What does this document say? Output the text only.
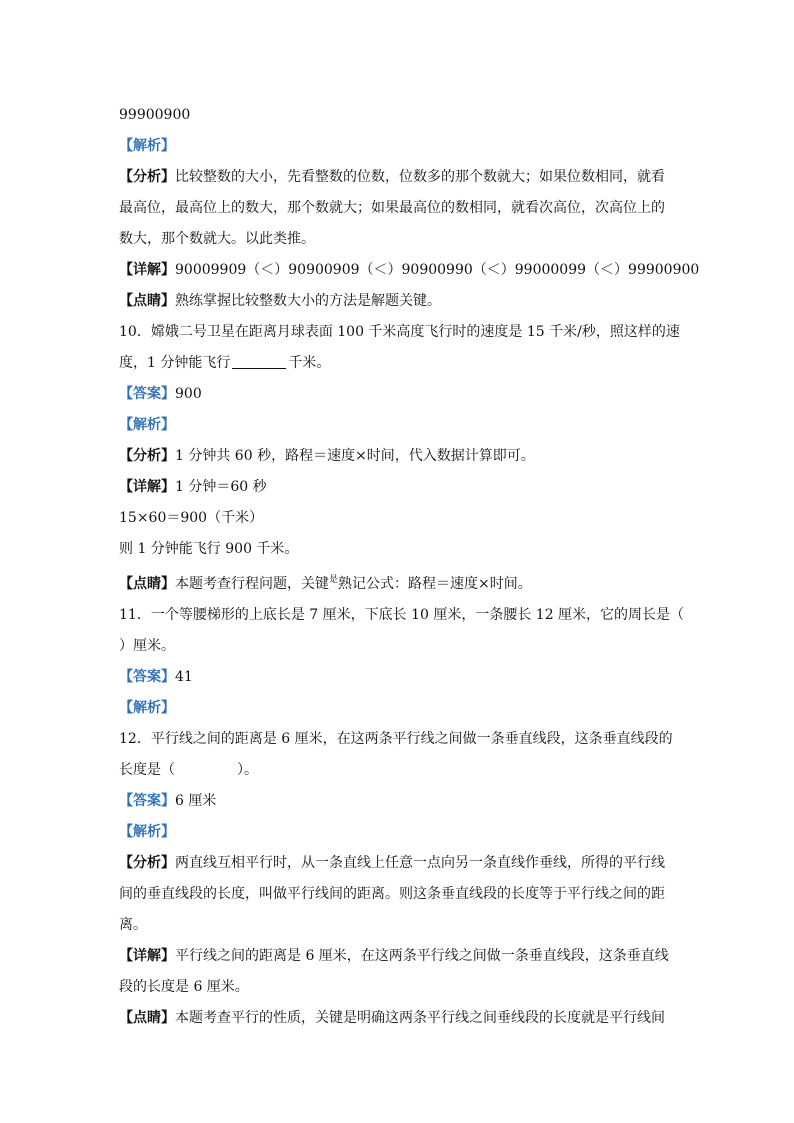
99900900

【解析】

【分析】比较整数的大小，先看整数的位数，位数多的那个数就大；如果位数相同，就看

最高位，最高位上的数大，那个数就大；如果最高位的数相同，就看次高位，次高位上的

数大，那个数就大。以此类推。

【详解】90009909（＜）90900909（＜）90900990（＜）99000099（＜）99900900

【点睛】熟练掌握比较整数大小的方法是解题关键。

10．嫦娥二号卫星在距离月球表面 100 千米高度飞行时的速度是 15 千米/秒，照这样的速

度，1 分钟能飞行	千米。

【答案】900

【解析】

【分析】1 分钟共 60 秒，路程＝速度×时间，代入数据计算即可。

【详解】1 分钟＝60 秒

15×60＝900（千米）

则 1 分钟能飞行 900 千米。

【点睛】本题考查行程问题，关键$^是$熟记公式：路程＝速度×时间。

11．一个等腰梯形的上底长是 7 厘米，下底长 10 厘米，一条腰长 12 厘米，它的周长是（

）厘米。

【答案】41

【解析】

12．平行线之间的距离是 6 厘米，在这两条平行线之间做一条垂直线段，这条垂直线段的

长度是（	）。

【答案】6 厘米

【解析】

【分析】两直线互相平行时，从一条直线上任意一点向另一条直线作垂线，所得的平行线

间的垂直线段的长度，叫做平行线间的距离。则这条垂直线段的长度等于平行线之间的距

离。

【详解】平行线之间的距离是 6 厘米，在这两条平行线之间做一条垂直线段，这条垂直线

段的长度是 6 厘米。

【点睛】本题考查平行的性质，关键是明确这两条平行线之间垂线段的长度就是平行线间
